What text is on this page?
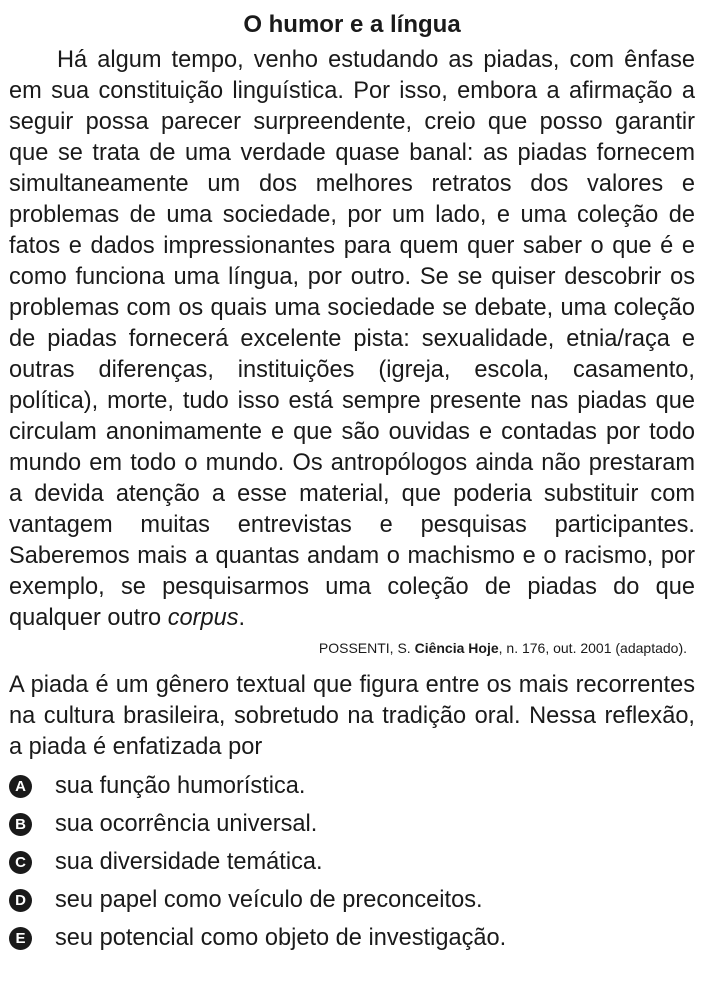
O humor e a língua

Há algum tempo, venho estudando as piadas, com ênfase em sua constituição linguística. Por isso, embora a afirmação a seguir possa parecer surpreendente, creio que posso garantir que se trata de uma verdade quase banal: as piadas fornecem simultaneamente um dos melhores retratos dos valores e problemas de uma sociedade, por um lado, e uma coleção de fatos e dados impressionantes para quem quer saber o que é e como funciona uma língua, por outro. Se se quiser descobrir os problemas com os quais uma sociedade se debate, uma coleção de piadas fornecerá excelente pista: sexualidade, etnia/raça e outras diferenças, instituições (igreja, escola, casamento, política), morte, tudo isso está sempre presente nas piadas que circulam anonimamente e que são ouvidas e contadas por todo mundo em todo o mundo. Os antropólogos ainda não prestaram a devida atenção a esse material, que poderia substituir com vantagem muitas entrevistas e pesquisas participantes. Saberemos mais a quantas andam o machismo e o racismo, por exemplo, se pesquisarmos uma coleção de piadas do que qualquer outro corpus.

POSSENTI, S. Ciência Hoje, n. 176, out. 2001 (adaptado).

A piada é um gênero textual que figura entre os mais recorrentes na cultura brasileira, sobretudo na tradição oral. Nessa reflexão, a piada é enfatizada por

A sua função humorística.
B sua ocorrência universal.
C sua diversidade temática.
D seu papel como veículo de preconceitos.
E seu potencial como objeto de investigação.
